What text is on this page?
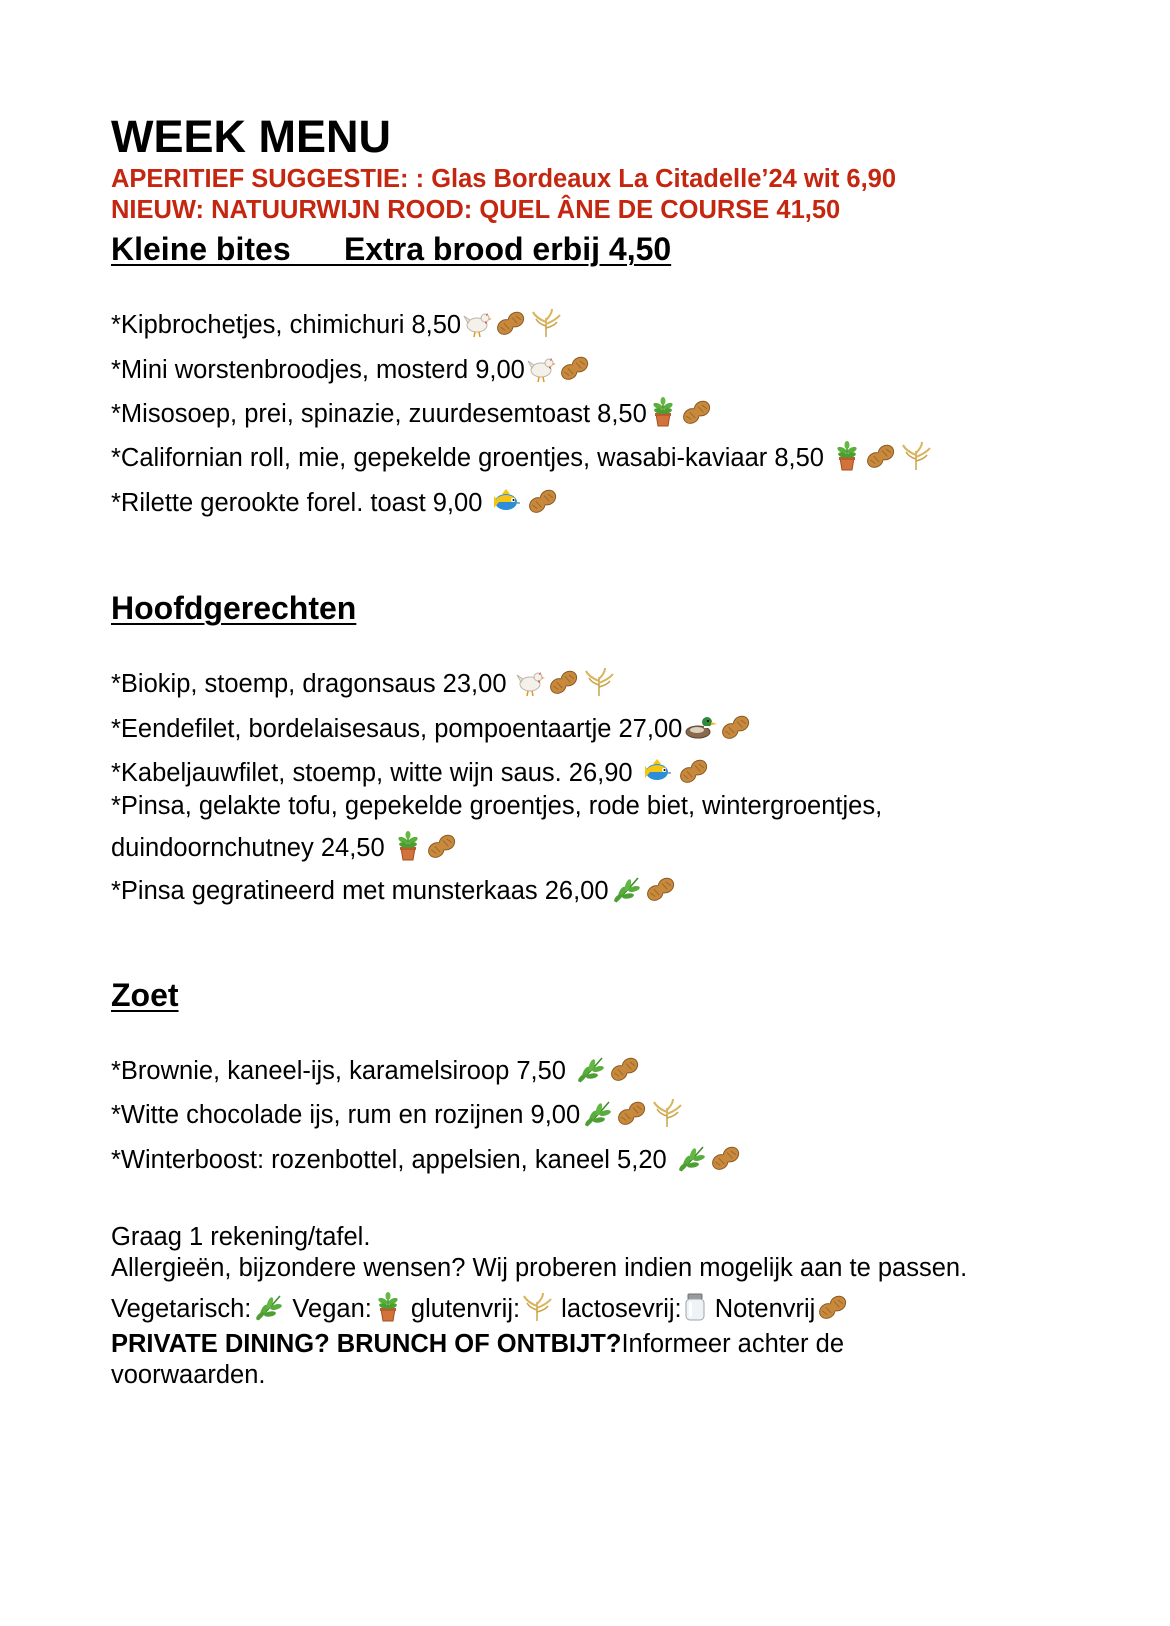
WEEK MENU
APERITIEF SUGGESTIE: : Glas Bordeaux La Citadelle’24 wit 6,90
NIEUW: NATUURWIJN ROOD: QUEL ÂNE DE COURSE 41,50
Kleine bites      Extra brood erbij 4,50
*Kipbrochetjes, chimichuri 8,50
*Mini worstenbroodjes, mosterd 9,00
*Misosoep, prei, spinazie, zuurdesemtoast 8,50
*Californian roll, mie, gepekelde groentjes, wasabi-kaviaar 8,50
*Rilette gerookte forel. toast 9,00
Hoofdgerechten
*Biokip, stoemp, dragonsaus 23,00
*Eendefilet, bordelaisesaus, pompoentaartje 27,00
*Kabeljauwfilet, stoemp, witte wijn saus. 26,90
*Pinsa, gelakte tofu, gepekelde groentjes, rode biet, wintergroentjes, duindoornchutney 24,50
*Pinsa gegratineerd met munsterkaas 26,00
Zoet
*Brownie, kaneel-ijs, karamelsiroop 7,50
*Witte chocolade ijs, rum en rozijnen 9,00
*Winterboost: rozenbottel, appelsien, kaneel 5,20
Graag 1 rekening/tafel.
Allergieën, bijzondere wensen? Wij proberen indien mogelijk aan te passen.
Vegetarisch:
Vegan:
glutenvrij:
lactosevrij:
Notenvrij
PRIVATE DINING? BRUNCH OF ONTBIJT?Informeer achter de
voorwaarden.
